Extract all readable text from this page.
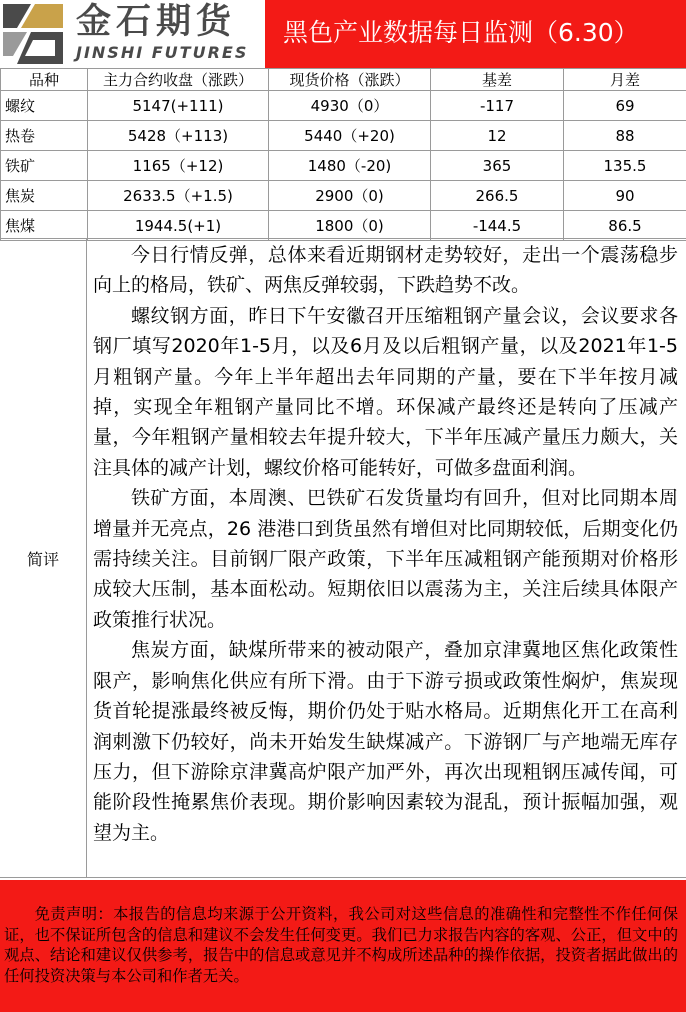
金石期货
JINSHI FUTURES
黑色产业数据每日监测（6.30）
品种	主力合约收盘（涨跌）	现货价格（涨跌）	基差	月差
螺纹	5147(+111)	4930（0）	-117	69
热卷	5428（+113)	5440（+20)	12	88
铁矿	1165（+12)	1480（-20)	365	135.5
焦炭	2633.5（+1.5)	2900（0)	266.5	90
焦煤	1944.5(+1)	1800（0)	-144.5	86.5
简评

今日行情反弹，总体来看近期钢材走势较好，走出一个震荡稳步向上的格局，铁矿、两焦反弹较弱，下跌趋势不改。

螺纹钢方面，昨日下午安徽召开压缩粗钢产量会议，会议要求各钢厂填写2020年1-5月，以及6月及以后粗钢产量，以及2021年1-5月粗钢产量。今年上半年超出去年同期的产量，要在下半年按月减掉，实现全年粗钢产量同比不增。环保减产最终还是转向了压减产量，今年粗钢产量相较去年提升较大，下半年压减产量压力颇大，关注具体的减产计划，螺纹价格可能转好，可做多盘面利润。

铁矿方面，本周澳、巴铁矿石发货量均有回升，但对比同期本周增量并无亮点，26 港港口到货虽然有增但对比同期较低，后期变化仍需持续关注。目前钢厂限产政策，下半年压减粗钢产能预期对价格形成较大压制，基本面松动。短期依旧以震荡为主，关注后续具体限产政策推行状况。

焦炭方面，缺煤所带来的被动限产，叠加京津冀地区焦化政策性限产，影响焦化供应有所下滑。由于下游亏损或政策性焖炉，焦炭现货首轮提涨最终被反悔，期价仍处于贴水格局。近期焦化开工在高利润刺激下仍较好，尚未开始发生缺煤减产。下游钢厂与产地端无库存压力，但下游除京津冀高炉限产加严外，再次出现粗钢压减传闻，可能阶段性掩累焦价表现。期价影响因素较为混乱，预计振幅加强，观望为主。

免责声明：本报告的信息均来源于公开资料，我公司对这些信息的准确性和完整性不作任何保证，也不保证所包含的信息和建议不会发生任何变更。我们已力求报告内容的客观、公正，但文中的观点、结论和建议仅供参考，报告中的信息或意见并不构成所述品种的操作依据，投资者据此做出的任何投资决策与本公司和作者无关。
